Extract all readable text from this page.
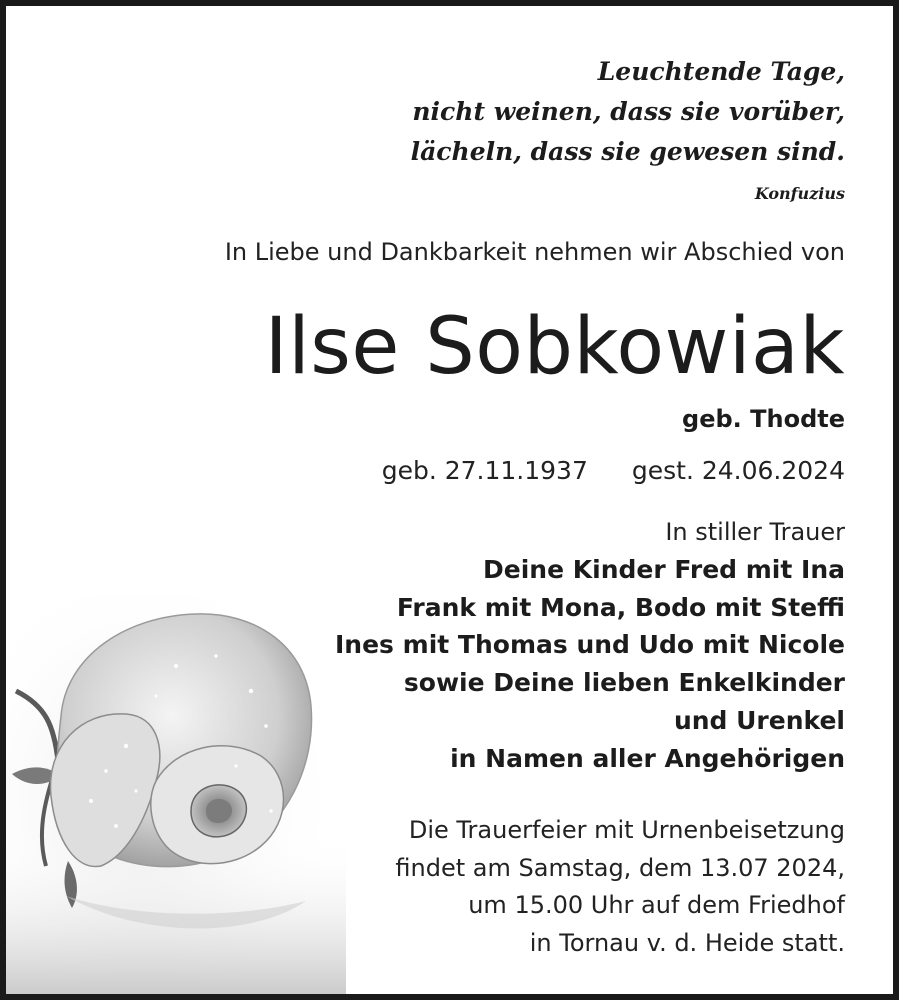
Leuchtende Tage,
nicht weinen, dass sie vorüber,
lächeln, dass sie gewesen sind.
Konfuzius
In Liebe und Dankbarkeit nehmen wir Abschied von
Ilse Sobkowiak
geb. Thodte
geb. 27.11.1937 gest. 24.06.2024
In stiller Trauer
Deine Kinder Fred mit Ina
Frank mit Mona, Bodo mit Steffi
Ines mit Thomas und Udo mit Nicole
sowie Deine lieben Enkelkinder
und Urenkel
in Namen aller Angehörigen
Die Trauerfeier mit Urnenbeisetzung
findet am Samstag, dem 13.07 2024,
um 15.00 Uhr auf dem Friedhof
in Tornau v. d. Heide statt.
